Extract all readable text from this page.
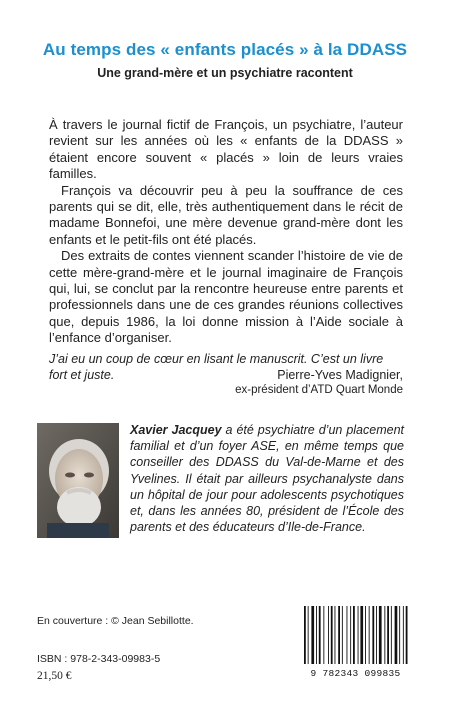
Au temps des « enfants placés » à la DDASS
Une grand-mère et un psychiatre racontent

À travers le journal fictif de François, un psychiatre, l’auteur revient sur les années où les « enfants de la DDASS » étaient encore souvent « placés » loin de leurs vraies familles.

François va découvrir peu à peu la souffrance de ces parents qui se dit, elle, très authentiquement dans le récit de madame Bonnefoi, une mère devenue grand-mère dont les enfants et le petit-fils ont été placés.

Des extraits de contes viennent scander l’histoire de vie de cette mère-grand-mère et le journal imaginaire de François qui, lui, se conclut par la rencontre heureuse entre parents et professionnels dans une de ces grandes réunions collectives que, depuis 1986, la loi donne mission à l’Aide sociale à l’enfance d’organiser.

J’ai eu un coup de cœur en lisant le manuscrit. C’est un livre fort et juste.	Pierre-Yves Madignier,
ex-président d’ATD Quart Monde
Xavier Jacquey a été psychiatre d’un placement familial et d’un foyer ASE, en même temps que conseiller des DDASS du Val-de-Marne et des Yvelines. Il était par ailleurs psychanalyste dans un hôpital de jour pour adolescents psychotiques et, dans les années 80, président de l’École des parents et des éducateurs d’Ile-de-France.
En couverture : © Jean Sebillotte.
ISBN : 978-2-343-09983-5
21,50 €	9 782343 099835
